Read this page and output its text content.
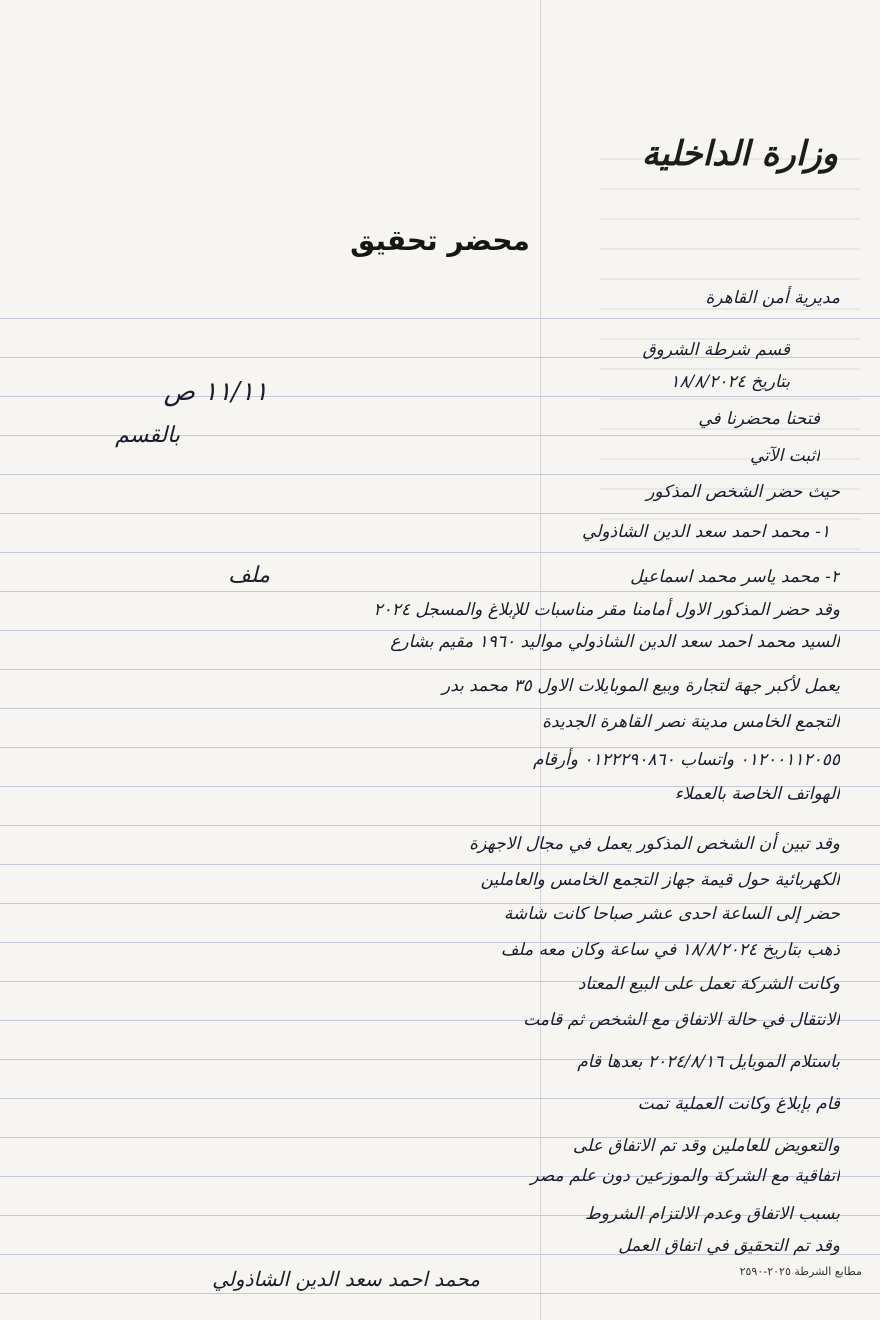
وزارة الداخلية
محضر تحقيق
مديرية أمن القاهرة
قسم شرطة الشروق
بتاريخ ١٨/٨/٢٠٢٤
فتحنا محضرنا في
اثبت الآتي
حيث حضر الشخص المذكور
١- محمد احمد سعد الدين الشاذولي
٢- محمد ياسر محمد اسماعيل
١١/١١ ص
بالقسم
ملف
وقد حضر المذكور الاول أمامنا مقر مناسبات للإبلاغ والمسجل ٢٠٢٤
السيد محمد احمد سعد الدين الشاذولي مواليد ١٩٦٠ مقيم بشارع
يعمل لأكبر جهة لتجارة وبيع الموبايلات الاول ٣٥ محمد بدر
التجمع الخامس مدينة نصر القاهرة الجديدة
٠١٢٠٠١١٢٠٥٥ واتساب ٠١٢٢٢٩٠٨٦٠ وأرقام
الهواتف الخاصة بالعملاء
وقد تبين أن الشخص المذكور يعمل في مجال الاجهزة
الكهربائية حول قيمة جهاز التجمع الخامس والعاملين
حضر إلى الساعة احدى عشر صباحا كانت شاشة
ذهب بتاريخ ١٨/٨/٢٠٢٤ في ساعة وكان معه ملف
وكانت الشركة تعمل على البيع المعتاد
الانتقال في حالة الاتفاق مع الشخص ثم قامت
باستلام الموبايل ٢٠٢٤/٨/١٦ بعدها قام
قام بإبلاغ وكانت العملية تمت
والتعويض للعاملين وقد تم الاتفاق على
اتفاقية مع الشركة والموزعين دون علم مصر
بسبب الاتفاق وعدم الالتزام الشروط
وقد تم التحقيق في اتفاق العمل
محمد احمد سعد الدين الشاذولي	مطابع الشرطة ٢٠٢٥-٢٥٩٠
